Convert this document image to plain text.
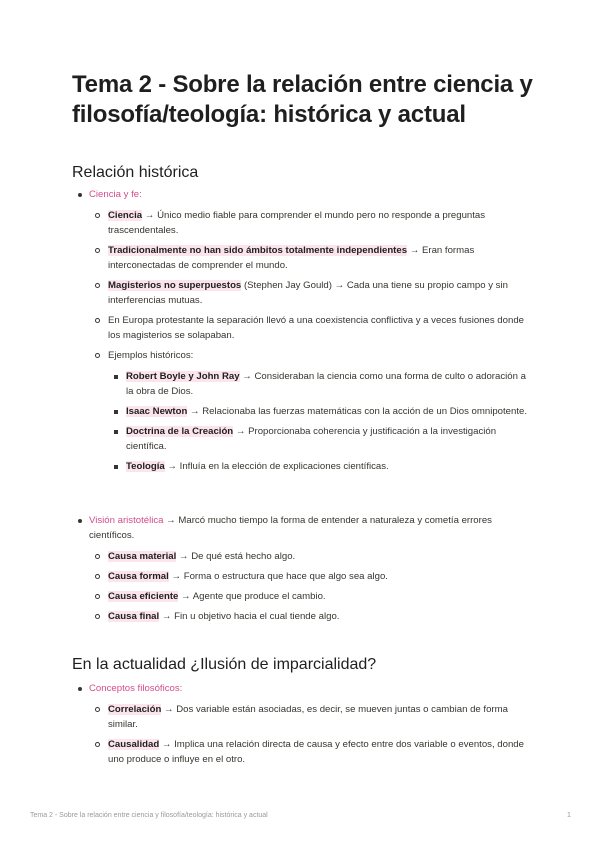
Tema 2 - Sobre la relación entre ciencia y filosofía/teología: histórica y actual
Relación histórica
Ciencia y fe:
Ciencia → Único medio fiable para comprender el mundo pero no responde a preguntas trascendentales.
Tradicionalmente no han sido ámbitos totalmente independientes → Eran formas interconectadas de comprender el mundo.
Magisterios no superpuestos (Stephen Jay Gould) → Cada una tiene su propio campo y sin interferencias mutuas.
En Europa protestante la separación llevó a una coexistencia conflictiva y a veces fusiones donde los magisterios se solapaban.
Ejemplos históricos:
Robert Boyle y John Ray → Consideraban la ciencia como una forma de culto o adoración a la obra de Dios.
Isaac Newton → Relacionaba las fuerzas matemáticas con la acción de un Dios omnipotente.
Doctrina de la Creación → Proporcionaba coherencia y justificación a la investigación científica.
Teología → Influía en la elección de explicaciones científicas.
Visión aristotélica → Marcó mucho tiempo la forma de entender a naturaleza y cometía errores científicos.
Causa material → De qué está hecho algo.
Causa formal → Forma o estructura que hace que algo sea algo.
Causa eficiente → Agente que produce el cambio.
Causa final → Fin u objetivo hacia el cual tiende algo.
En la actualidad ¿Ilusión de imparcialidad?
Conceptos filosóficos:
Correlación → Dos variable están asociadas, es decir, se mueven juntas o cambian de forma similar.
Causalidad → Implica una relación directa de causa y efecto entre dos variable o eventos, donde uno produce o influye en el otro.
Tema 2 - Sobre la relación entre ciencia y filosofía/teología: histórica y actual	1
